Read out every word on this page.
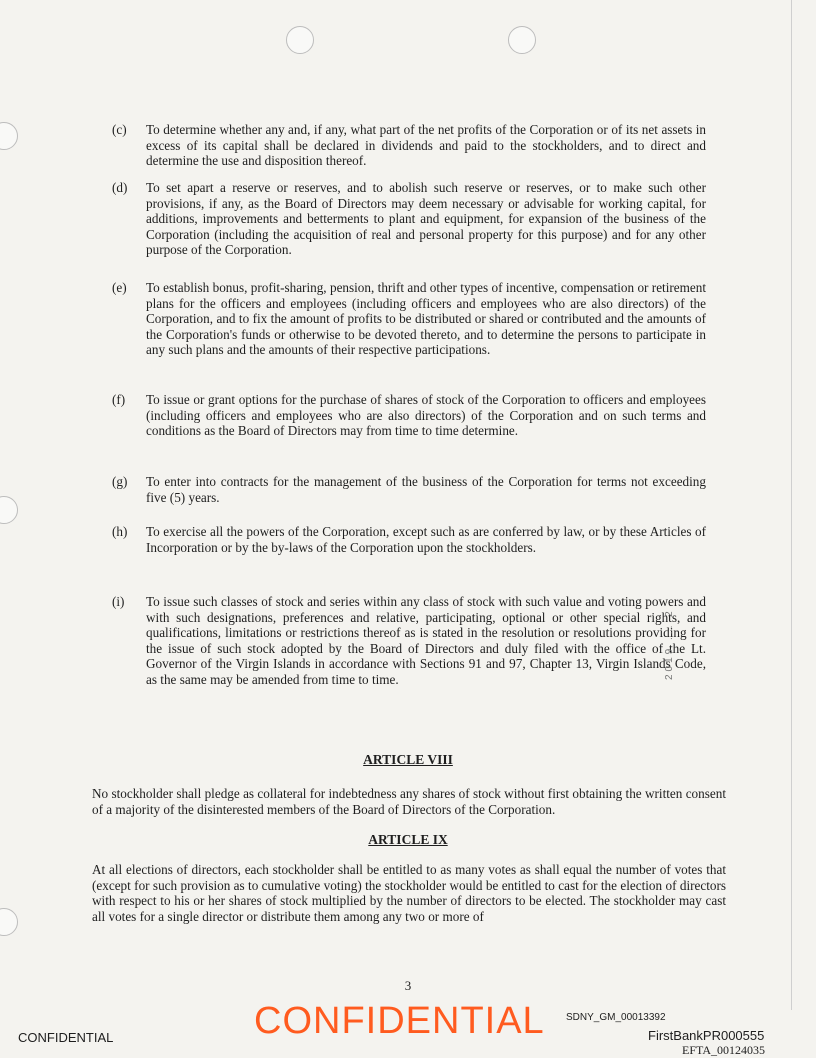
(c) To determine whether any and, if any, what part of the net profits of the Corporation or of its net assets in excess of its capital shall be declared in dividends and paid to the stockholders, and to direct and determine the use and disposition thereof.
(d) To set apart a reserve or reserves, and to abolish such reserve or reserves, or to make such other provisions, if any, as the Board of Directors may deem necessary or advisable for working capital, for additions, improvements and betterments to plant and equipment, for expansion of the business of the Corporation (including the acquisition of real and personal property for this purpose) and for any other purpose of the Corporation.
(e) To establish bonus, profit-sharing, pension, thrift and other types of incentive, compensation or retirement plans for the officers and employees (including officers and employees who are also directors) of the Corporation, and to fix the amount of profits to be distributed or shared or contributed and the amounts of the Corporation's funds or otherwise to be devoted thereto, and to determine the persons to participate in any such plans and the amounts of their respective participations.
(f) To issue or grant options for the purchase of shares of stock of the Corporation to officers and employees (including officers and employees who are also directors) of the Corporation and on such terms and conditions as the Board of Directors may from time to time determine.
(g) To enter into contracts for the management of the business of the Corporation for terms not exceeding five (5) years.
(h) To exercise all the powers of the Corporation, except such as are conferred by law, or by these Articles of Incorporation or by the by-laws of the Corporation upon the stockholders.
(i) To issue such classes of stock and series within any class of stock with such value and voting powers and with such designations, preferences and relative, participating, optional or other special rights, and qualifications, limitations or restrictions thereof as is stated in the resolution or resolutions providing for the issue of such stock adopted by the Board of Directors and duly filed with the office of the Lt. Governor of the Virgin Islands in accordance with Sections 91 and 97, Chapter 13, Virgin Islands Code, as the same may be amended from time to time.	2019 ... 2
ARTICLE VIII
No stockholder shall pledge as collateral for indebtedness any shares of stock without first obtaining the written consent of a majority of the disinterested members of the Board of Directors of the Corporation.
ARTICLE IX
At all elections of directors, each stockholder shall be entitled to as many votes as shall equal the number of votes that (except for such provision as to cumulative voting) the stockholder would be entitled to cast for the election of directors with respect to his or her shares of stock multiplied by the number of directors to be elected. The stockholder may cast all votes for a single director or distribute them among any two or more of
3
SDNY_GM_00013392
CONFIDENTIAL	CONFIDENTIAL	FirstBankPR000555
EFTA_00124035
